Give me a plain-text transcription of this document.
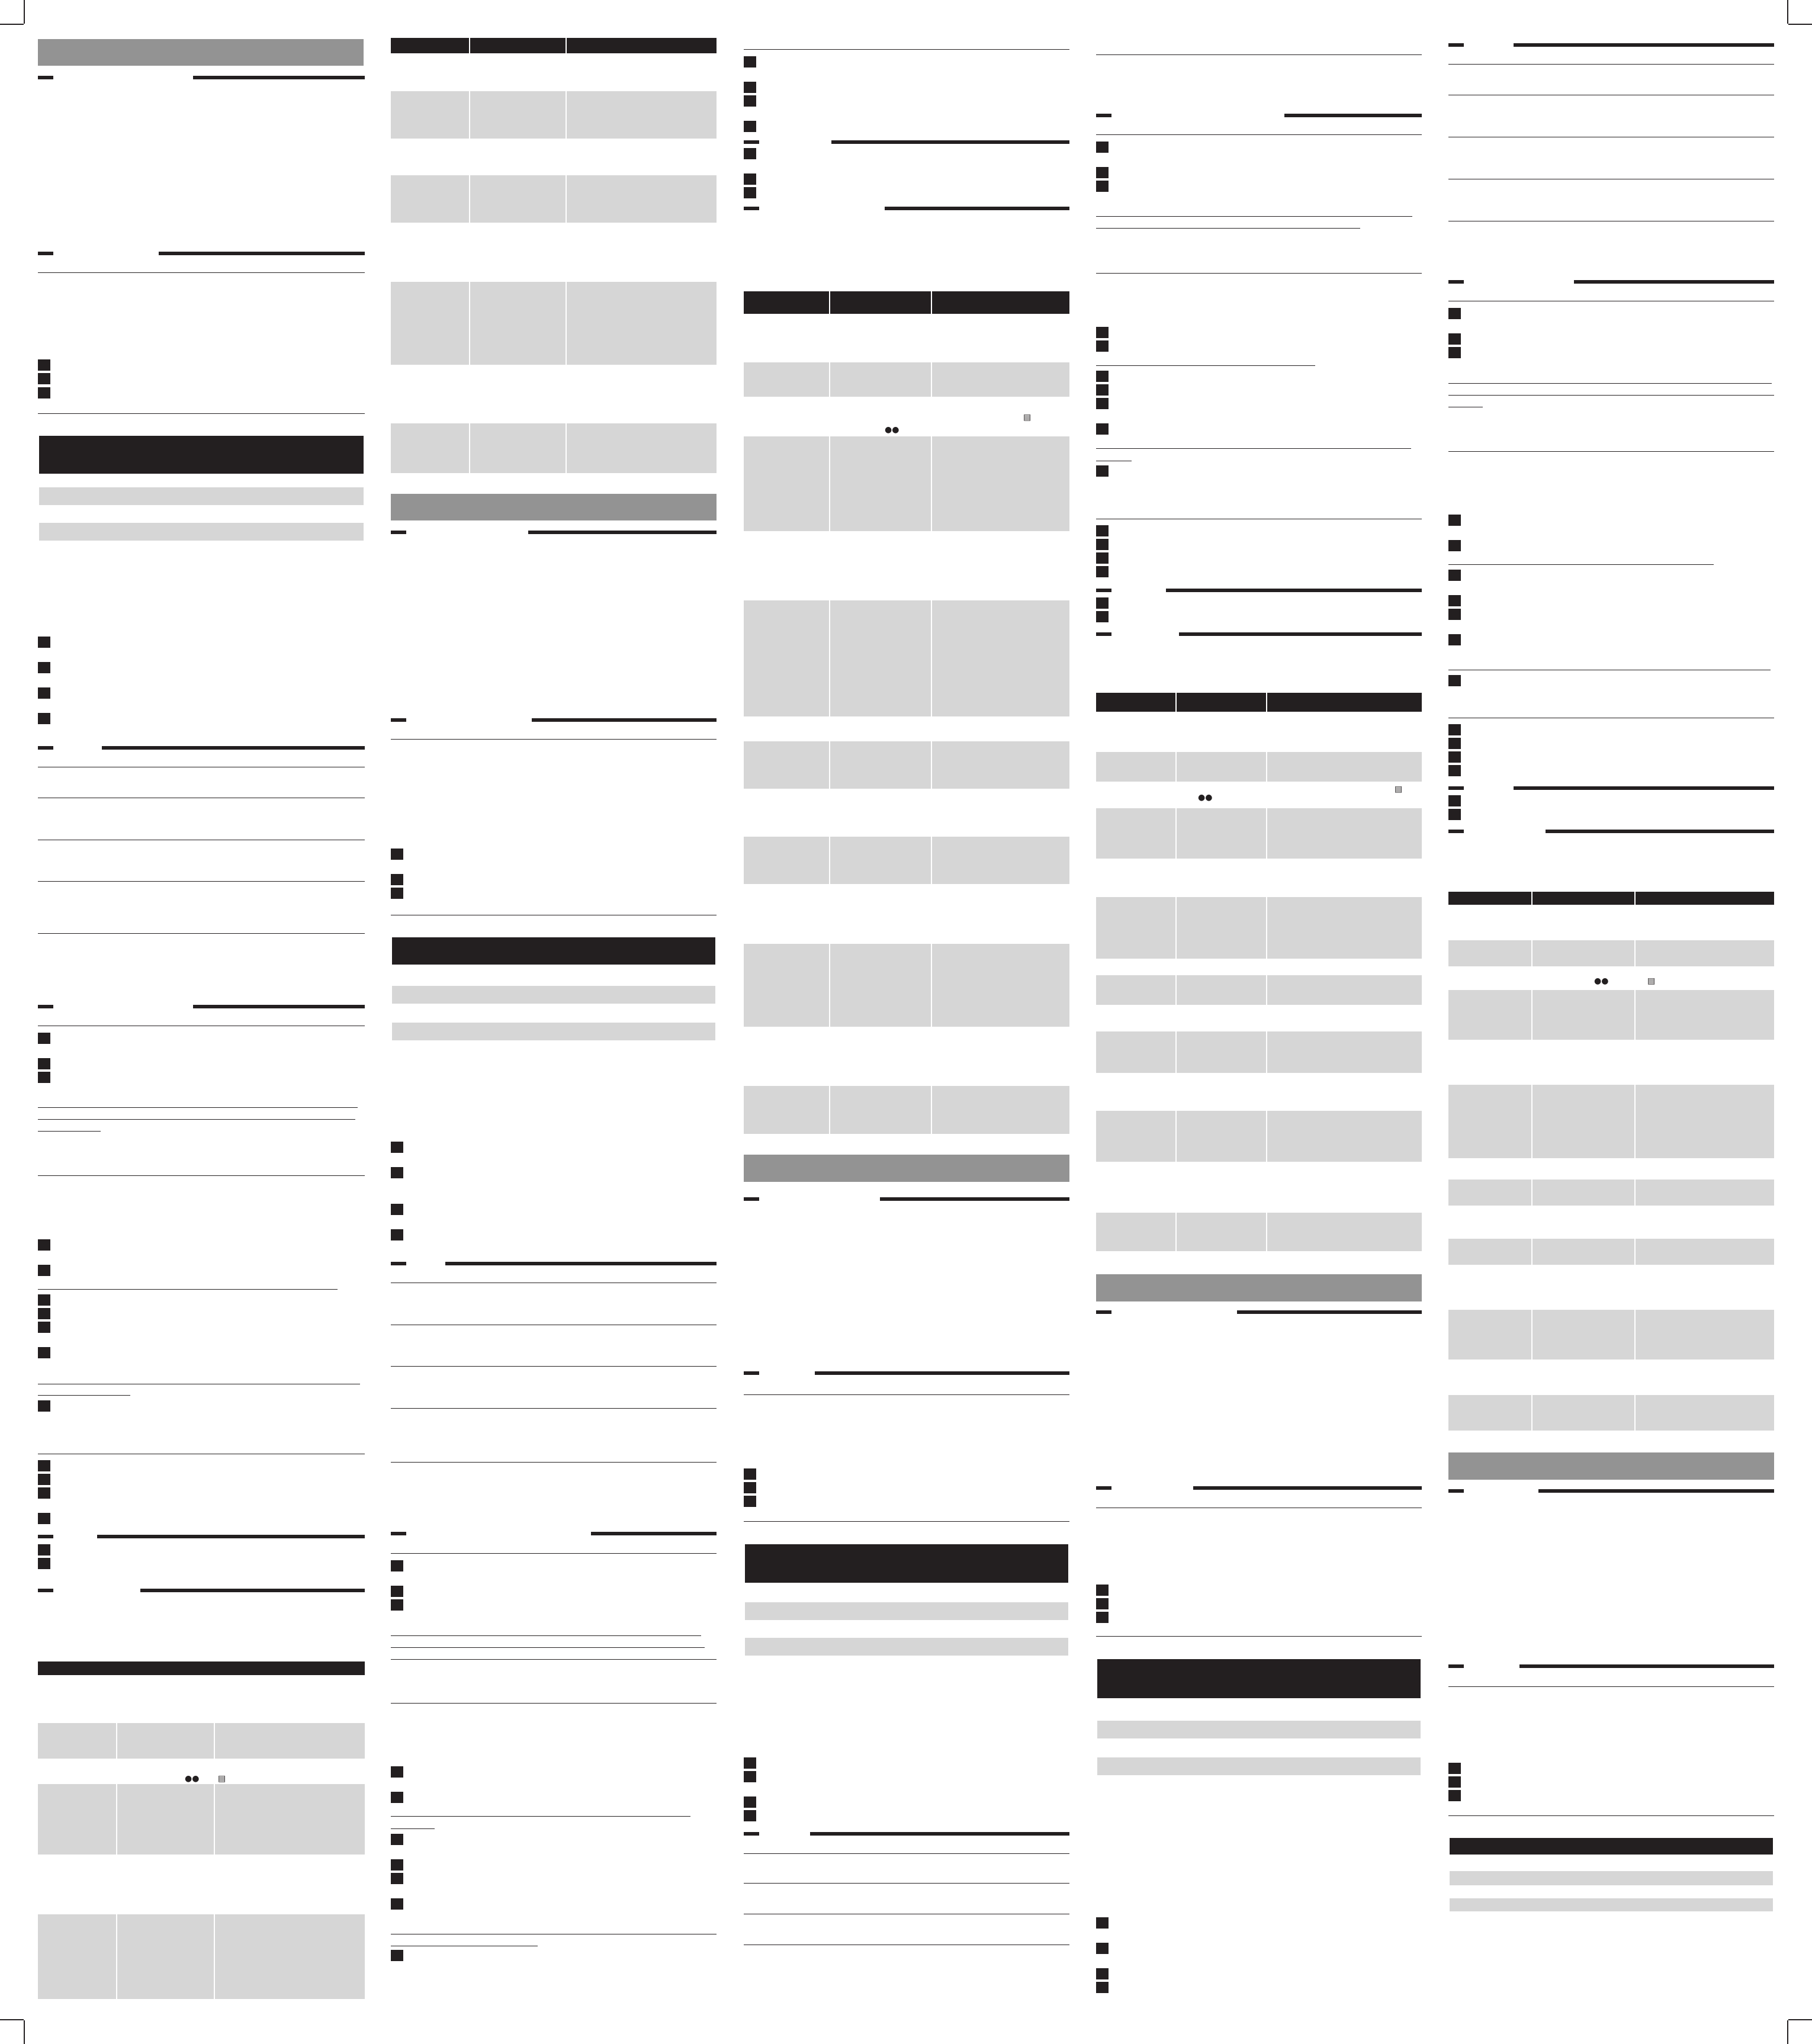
●● ▤
▤
●●
▤
●●
●●	▤
